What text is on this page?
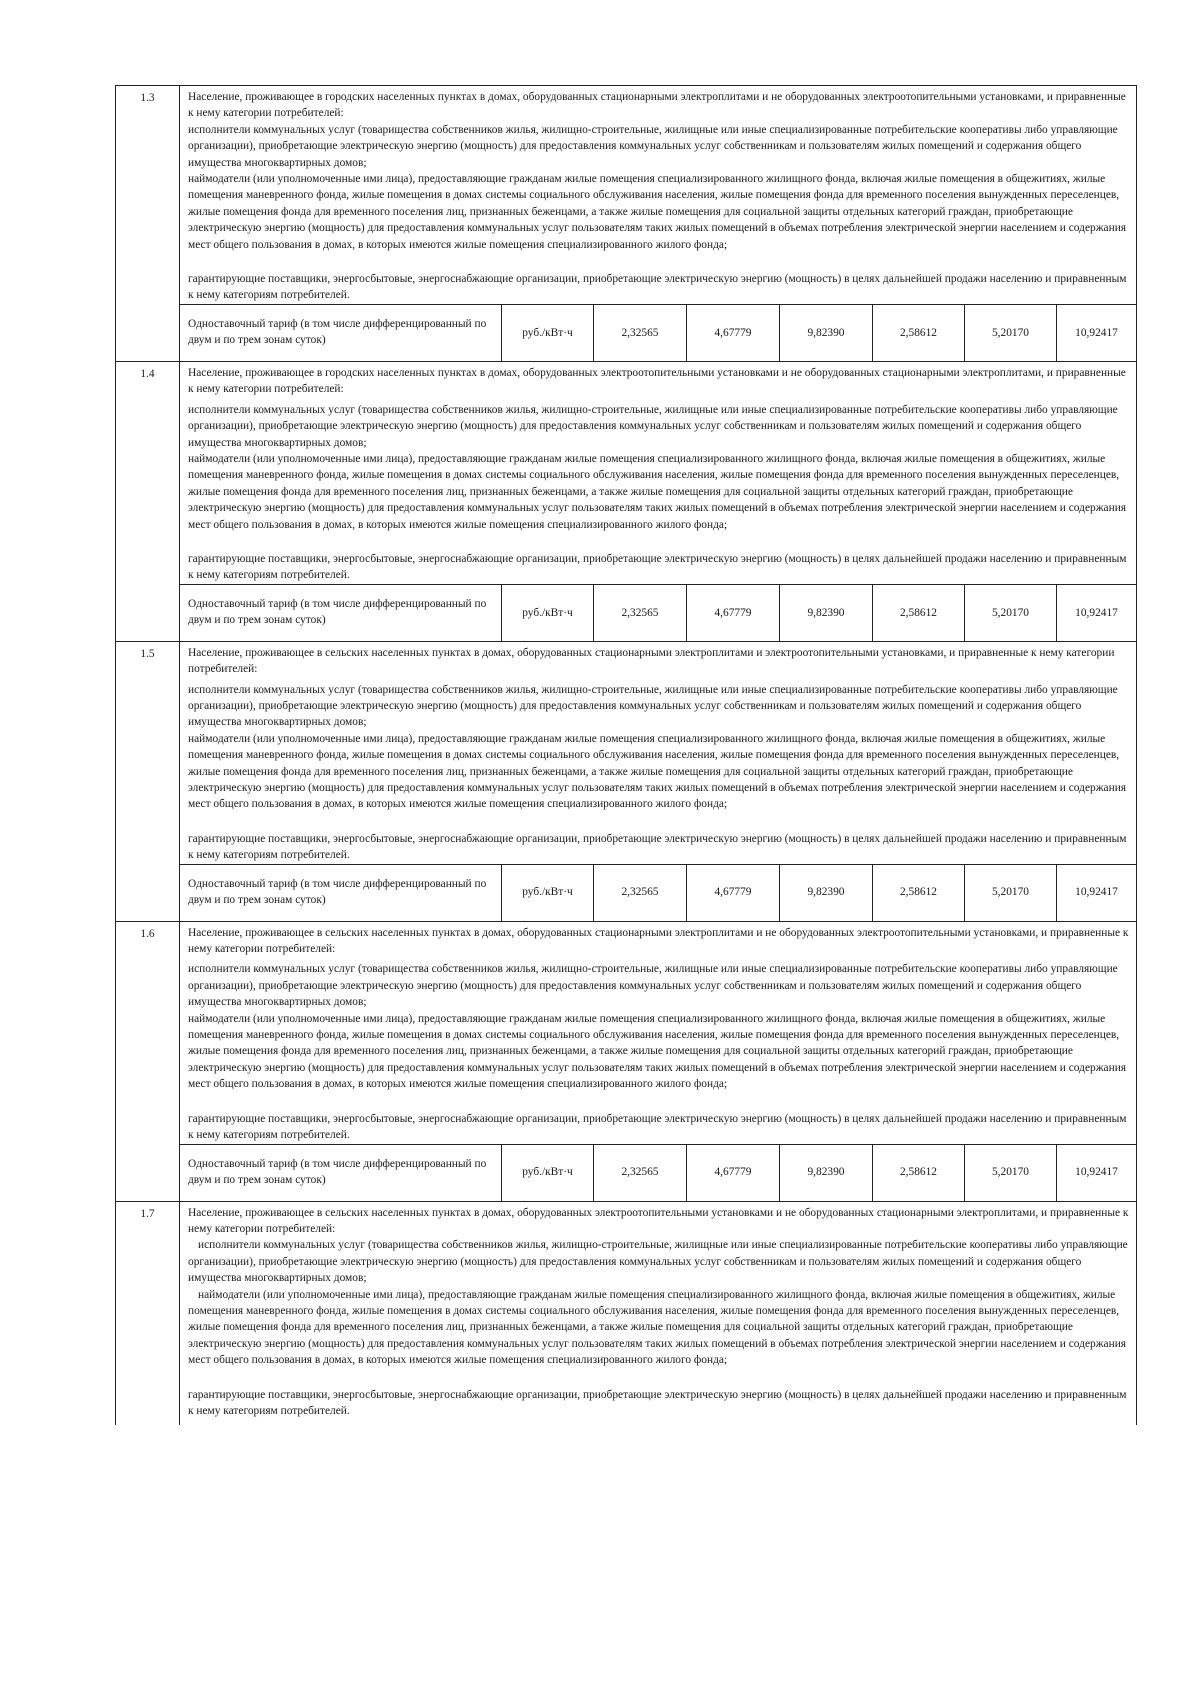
1.3	Население, проживающее в городских населенных пунктах в домах, оборудованных стационарными электроплитами и не оборудованных электроотопительными установками, и приравненные к нему категории потребителей:

исполнители коммунальных услуг (товарищества собственников жилья, жилищно-строительные, жилищные или иные специализированные потребительские кооперативы либо управляющие организации), приобретающие электрическую энергию (мощность) для предоставления коммунальных услуг собственникам и пользователям жилых помещений и содержания общего имущества многоквартирных домов;

наймодатели (или уполномоченные ими лица), предоставляющие гражданам жилые помещения специализированного жилищного фонда, включая жилые помещения в общежитиях, жилые помещения маневренного фонда, жилые помещения в домах системы социального обслуживания населения, жилые помещения фонда для временного поселения вынужденных переселенцев, жилые помещения фонда для временного поселения лиц, признанных беженцами, а также жилые помещения для социальной защиты отдельных категорий граждан, приобретающие электрическую энергию (мощность) для предоставления коммунальных услуг пользователям таких жилых помещений в объемах потребления электрической энергии населением и содержания мест общего пользования в домах, в которых имеются жилые помещения специализированного жилого фонда;

гарантирующие поставщики, энергосбытовые, энергоснабжающие организации, приобретающие электрическую энергию (мощность) в целях дальнейшей продажи населению и приравненным к нему категориям потребителей.							

	Одноставочный тариф (в том числе дифференцированный по двум и по трем зонам суток)	руб./кВт·ч	2,32565	4,67779	9,82390	2,58612	5,20170	10,92417
1.4	Население, проживающее в городских населенных пунктах в домах, оборудованных электроотопительными установками и не оборудованных стационарными электроплитами, и приравненные к нему категории потребителей:

исполнители коммунальных услуг (товарищества собственников жилья, жилищно-строительные, жилищные или иные специализированные потребительские кооперативы либо управляющие организации), приобретающие электрическую энергию (мощность) для предоставления коммунальных услуг собственникам и пользователям жилых помещений и содержания общего имущества многоквартирных домов;

наймодатели (или уполномоченные ими лица), предоставляющие гражданам жилые помещения специализированного жилищного фонда, включая жилые помещения в общежитиях, жилые помещения маневренного фонда, жилые помещения в домах системы социального обслуживания населения, жилые помещения фонда для временного поселения вынужденных переселенцев, жилые помещения фонда для временного поселения лиц, признанных беженцами, а также жилые помещения для социальной защиты отдельных категорий граждан, приобретающие электрическую энергию (мощность) для предоставления коммунальных услуг пользователям таких жилых помещений в объемах потребления электрической энергии населением и содержания мест общего пользования в домах, в которых имеются жилые помещения специализированного жилого фонда;

гарантирующие поставщики, энергосбытовые, энергоснабжающие организации, приобретающие электрическую энергию (мощность) в целях дальнейшей продажи населению и приравненным к нему категориям потребителей.							

	Одноставочный тариф (в том числе дифференцированный по двум и по трем зонам суток)	руб./кВт·ч	2,32565	4,67779	9,82390	2,58612	5,20170	10,92417
1.5	Население, проживающее в сельских населенных пунктах в домах, оборудованных стационарными электроплитами и электроотопительными установками, и приравненные к нему категории потребителей:

исполнители коммунальных услуг (товарищества собственников жилья, жилищно-строительные, жилищные или иные специализированные потребительские кооперативы либо управляющие организации), приобретающие электрическую энергию (мощность) для предоставления коммунальных услуг собственникам и пользователям жилых помещений и содержания общего имущества многоквартирных домов;

наймодатели (или уполномоченные ими лица), предоставляющие гражданам жилые помещения специализированного жилищного фонда, включая жилые помещения в общежитиях, жилые помещения маневренного фонда, жилые помещения в домах системы социального обслуживания населения, жилые помещения фонда для временного поселения вынужденных переселенцев, жилые помещения фонда для временного поселения лиц, признанных беженцами, а также жилые помещения для социальной защиты отдельных категорий граждан, приобретающие электрическую энергию (мощность) для предоставления коммунальных услуг пользователям таких жилых помещений в объемах потребления электрической энергии населением и содержания мест общего пользования в домах, в которых имеются жилые помещения специализированного жилого фонда;

гарантирующие поставщики, энергосбытовые, энергоснабжающие организации, приобретающие электрическую энергию (мощность) в целях дальнейшей продажи населению и приравненным к нему категориям потребителей.							

	Одноставочный тариф (в том числе дифференцированный по двум и по трем зонам суток)	руб./кВт·ч	2,32565	4,67779	9,82390	2,58612	5,20170	10,92417
1.6	Население, проживающее в сельских населенных пунктах в домах, оборудованных стационарными электроплитами и не оборудованных электроотопительными установками, и приравненные к нему категории потребителей:

исполнители коммунальных услуг (товарищества собственников жилья, жилищно-строительные, жилищные или иные специализированные потребительские кооперативы либо управляющие организации), приобретающие электрическую энергию (мощность) для предоставления коммунальных услуг собственникам и пользователям жилых помещений и содержания общего имущества многоквартирных домов;

наймодатели (или уполномоченные ими лица), предоставляющие гражданам жилые помещения специализированного жилищного фонда, включая жилые помещения в общежитиях, жилые помещения маневренного фонда, жилые помещения в домах системы социального обслуживания населения, жилые помещения фонда для временного поселения вынужденных переселенцев, жилые помещения фонда для временного поселения лиц, признанных беженцами, а также жилые помещения для социальной защиты отдельных категорий граждан, приобретающие электрическую энергию (мощность) для предоставления коммунальных услуг пользователям таких жилых помещений в объемах потребления электрической энергии населением и содержания мест общего пользования в домах, в которых имеются жилые помещения специализированного жилого фонда;

гарантирующие поставщики, энергосбытовые, энергоснабжающие организации, приобретающие электрическую энергию (мощность) в целях дальнейшей продажи населению и приравненным к нему категориям потребителей.							

	Одноставочный тариф (в том числе дифференцированный по двум и по трем зонам суток)	руб./кВт·ч	2,32565	4,67779	9,82390	2,58612	5,20170	10,92417
1.7	Население, проживающее в сельских населенных пунктах в домах, оборудованных электроотопительными установками и не оборудованных стационарными электроплитами, и приравненные к нему категории потребителей:

исполнители коммунальных услуг (товарищества собственников жилья, жилищно-строительные, жилищные или иные специализированные потребительские кооперативы либо управляющие организации), приобретающие электрическую энергию (мощность) для предоставления коммунальных услуг собственникам и пользователям жилых помещений и содержания общего имущества многоквартирных домов;

наймодатели (или уполномоченные ими лица), предоставляющие гражданам жилые помещения специализированного жилищного фонда, включая жилые помещения в общежитиях, жилые помещения маневренного фонда, жилые помещения в домах системы социального обслуживания населения, жилые помещения фонда для временного поселения вынужденных переселенцев, жилые помещения фонда для временного поселения лиц, признанных беженцами, а также жилые помещения для социальной защиты отдельных категорий граждан, приобретающие электрическую энергию (мощность) для предоставления коммунальных услуг пользователям таких жилых помещений в объемах потребления электрической энергии населением и содержания мест общего пользования в домах, в которых имеются жилые помещения специализированного жилого фонда;

гарантирующие поставщики, энергосбытовые, энергоснабжающие организации, приобретающие электрическую энергию (мощность) в целях дальнейшей продажи населению и приравненным к нему категориям потребителей.							
